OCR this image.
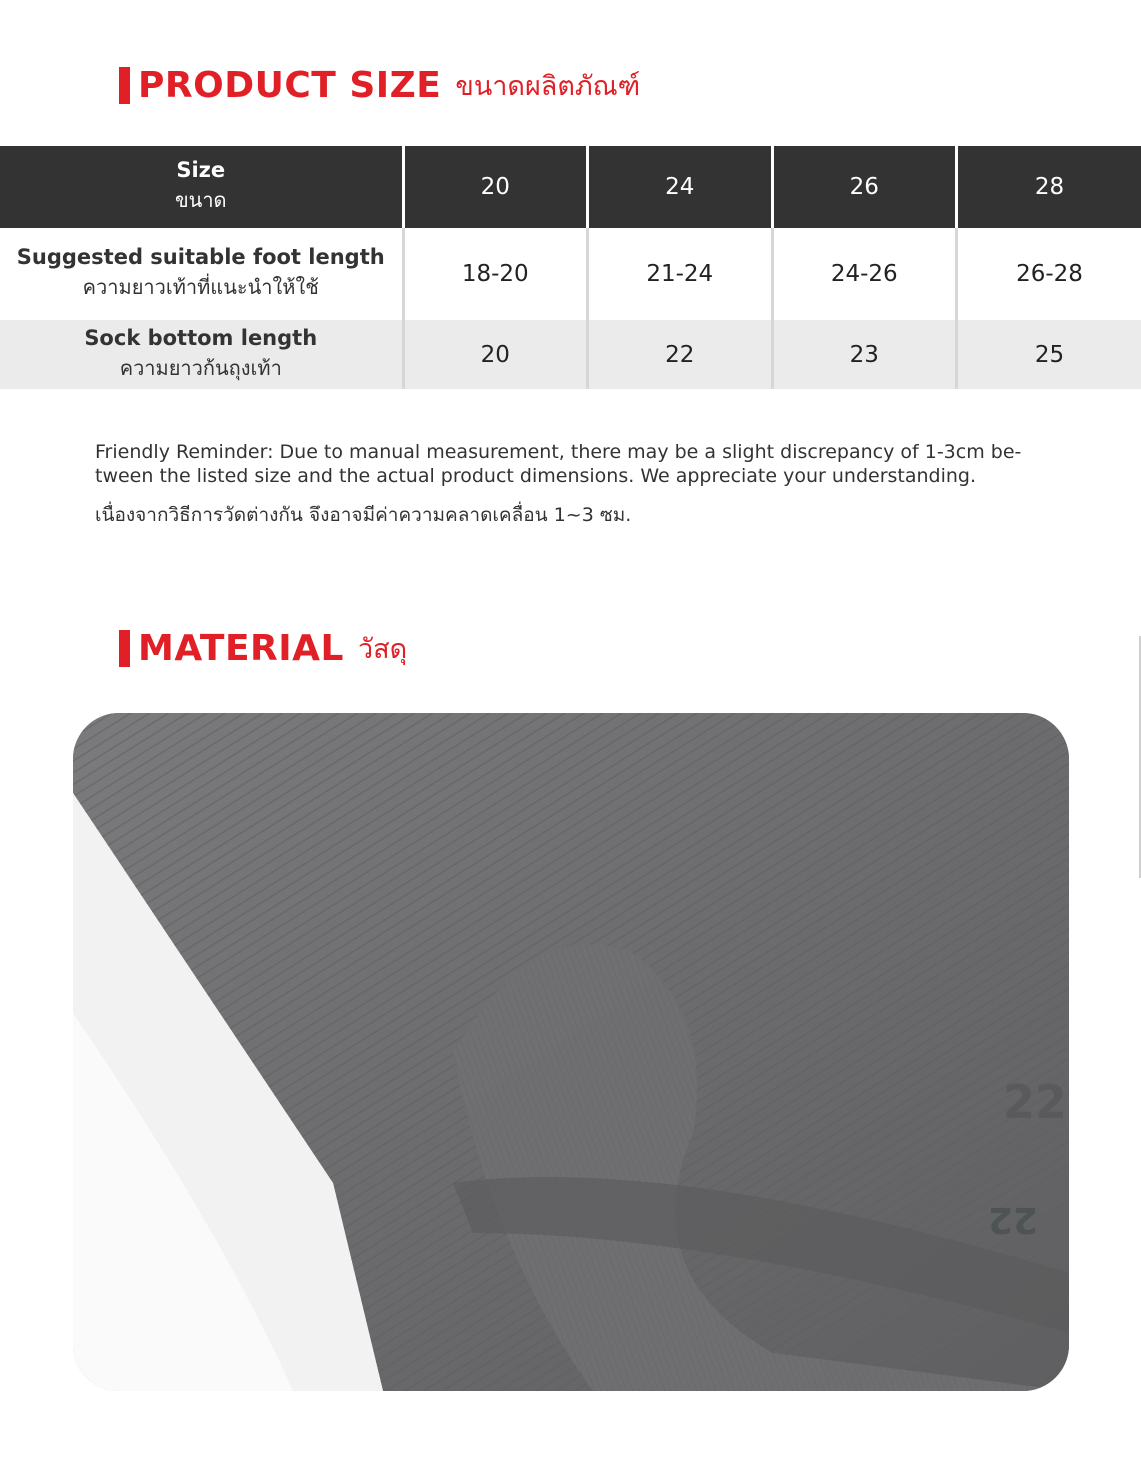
PRODUCT SIZE ขนาดผลิตภัณฑ์
Size
ขนาด	20	24	26	28

Suggested suitable foot length
ความยาวเท้าที่แนะนำให้ใช้	18-20	21-24	24-26	26-28

Sock bottom length
ความยาวก้นถุงเท้า	20	22	23	25

Friendly Reminder: Due to manual measurement, there may be a slight discrepancy of 1-3cm be-tween the listed size and the actual product dimensions. We appreciate your understanding.

เนื่องจากวิธีการวัดต่างกัน จึงอาจมีค่าความคลาดเคลื่อน 1~3 ซม.

MATERIAL วัสดุ
22
22
